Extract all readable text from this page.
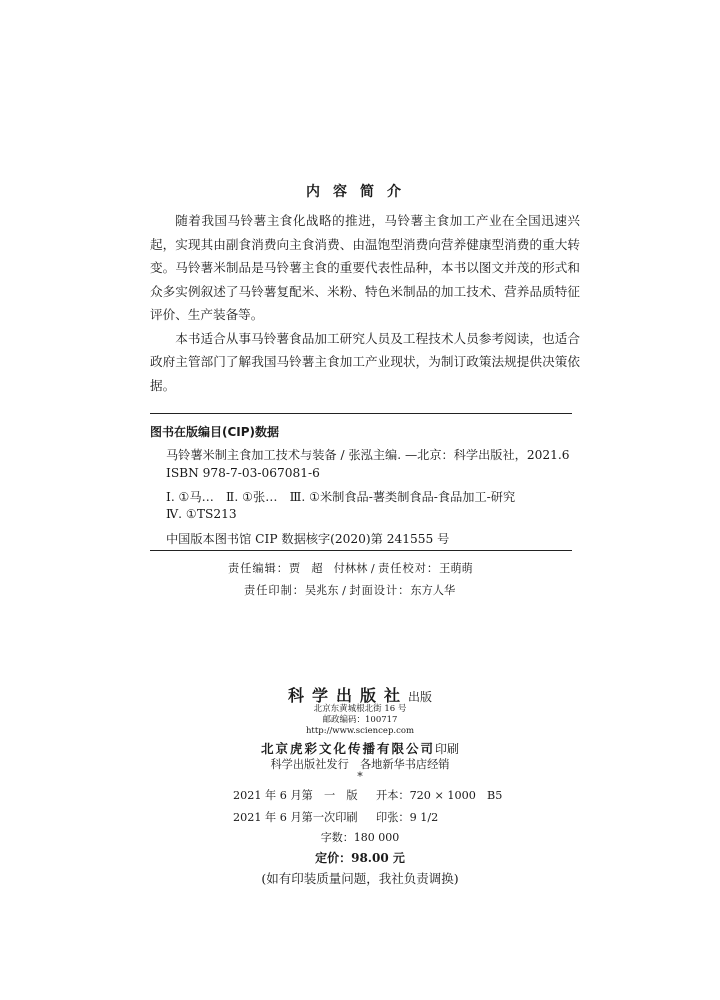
内容简介

随着我国马铃薯主食化战略的推进，马铃薯主食加工产业在全国迅速兴起，实现其由副食消费向主食消费、由温饱型消费向营养健康型消费的重大转变。马铃薯米制品是马铃薯主食的重要代表性品种，本书以图文并茂的形式和众多实例叙述了马铃薯复配米、米粉、特色米制品的加工技术、营养品质特征评价、生产装备等。

本书适合从事马铃薯食品加工研究人员及工程技术人员参考阅读，也适合政府主管部门了解我国马铃薯主食加工产业现状，为制订政策法规提供决策依据。

图书在版编目(CIP)数据
马铃薯米制主食加工技术与装备 / 张泓主编. —北京：科学出版社，2021.6
ISBN 978-7-03-067081-6
Ⅰ. ①马…　Ⅱ. ①张…　Ⅲ. ①米制食品-薯类制食品-食品加工-研究
Ⅳ. ①TS213
中国版本图书馆 CIP 数据核字(2020)第 241555 号
责任编辑：贾　超　付林林 / 责任校对：王萌萌
责任印制：吴兆东 / 封面设计：东方人华
科学出版社出版
北京东黄城根北街 16 号
邮政编码：100717
http://www.sciencep.com
北京虎彩文化传播有限公司印刷
科学出版社发行　各地新华书店经销
*
2021 年 6 月第　一　版 开本：720 × 1000　B5
2021 年 6 月第一次印刷 印张：9 1/2
字数：180 000
定价：98.00 元
(如有印装质量问题，我社负责调换)
